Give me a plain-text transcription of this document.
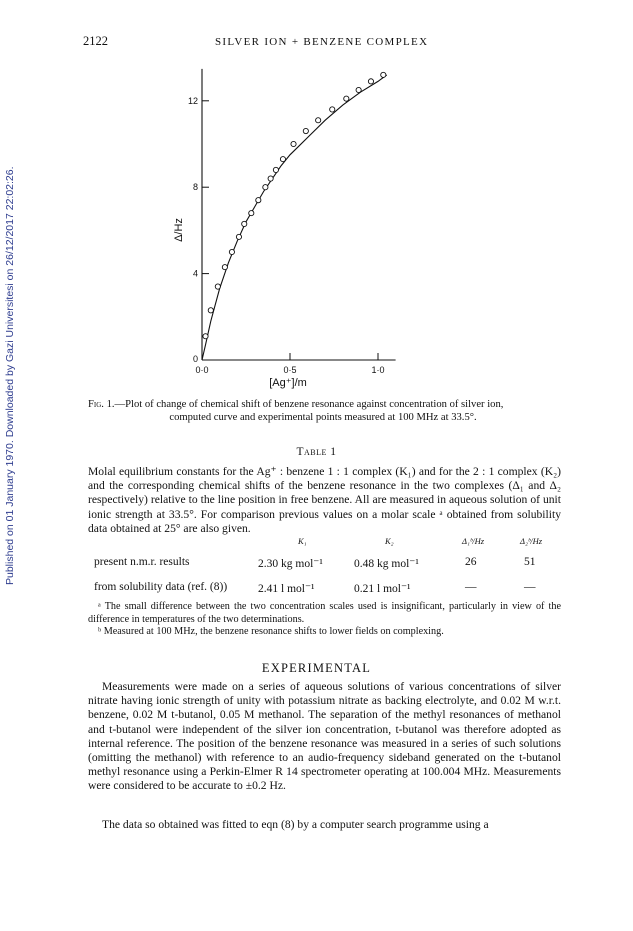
Published on 01 January 1970. Downloaded by Gazi Universitesi on 26/12/2017 22:02:26.
2122	SILVER ION + BENZENE COMPLEX
4
8
12
0·0	0·5	1·0
0
Δ/Hz
[Ag⁺]/m
Fig. 1.—Plot of change of chemical shift of benzene resonance against concentration of silver ion,
computed curve and experimental points measured at 100 MHz at 33.5°.
Table 1
Molal equilibrium constants for the Ag⁺ : benzene 1 : 1 complex (K₁) and for the 2 : 1 complex (K₂) and the corresponding chemical shifts of the benzene resonance in the two complexes (Δ₁ and Δ₂ respectively) relative to the line position in free benzene. All are measured in aqueous solution of unit ionic strength at 33.5°. For comparison previous values on a molar scale ᵃ obtained from solubility data obtained at 25° are also given.
K₁	K₂	Δ₁ᵇ/Hz	Δ₂ᵇ/Hz
present n.m.r. results	2.30 kg mol⁻¹	0.48 kg mol⁻¹	26	51
from solubility data (ref. (8))	2.41 l mol⁻¹	0.21 l mol⁻¹	—	—
ᵃ The small difference between the two concentration scales used is insignificant, particularly in view of the difference in temperatures of the two determinations.
ᵇ Measured at 100 MHz, the benzene resonance shifts to lower fields on complexing.
EXPERIMENTAL
Measurements were made on a series of aqueous solutions of various concentrations of silver nitrate having ionic strength of unity with potassium nitrate as backing electrolyte, and 0.02 M w.r.t. benzene, 0.02 M t-butanol, 0.05 M methanol. The separation of the methyl resonances of methanol and t-butanol were independent of the silver ion concentration, t-butanol was therefore adopted as internal reference. The position of the benzene resonance was measured in a series of such solutions (omitting the methanol) with reference to an audio-frequency sideband generated on the t-butanol methyl resonance using a Perkin-Elmer R 14 spectrometer operating at 100.004 MHz. Measurements were considered to be accurate to ±0.2 Hz.
The data so obtained was fitted to eqn (8) by a computer search programme using a
